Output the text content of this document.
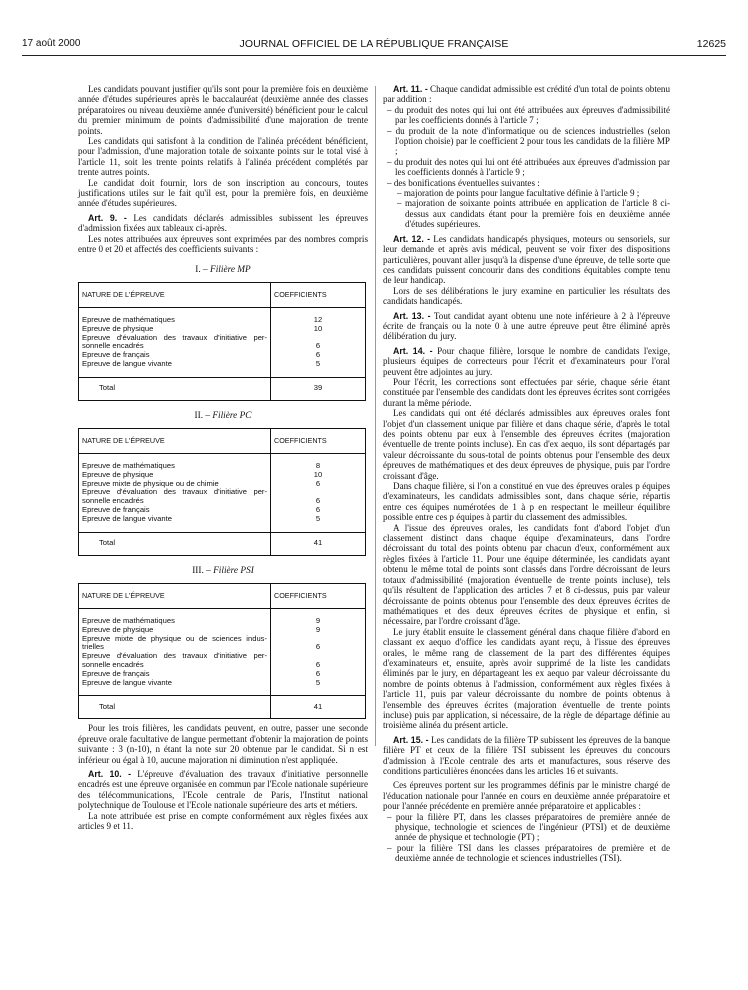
17 août 2000	JOURNAL OFFICIEL DE LA RÉPUBLIQUE FRANÇAISE	12625

Les candidats pouvant justifier qu'ils sont pour la première fois en deuxième année d'études supérieures après le baccalauréat (deuxième année des classes préparatoires ou niveau deuxième année d'université) bénéficient pour le calcul du premier minimum de points d'admissibilité d'une majoration de trente points.

Les candidats qui satisfont à la condition de l'alinéa précédent bénéficient, pour l'admission, d'une majoration totale de soixante points sur le total visé à l'article 11, soit les trente points relatifs à l'alinéa précédent complétés par trente autres points.

Le candidat doit fournir, lors de son inscription au concours, toutes justifications utiles sur le fait qu'il est, pour la première fois, en deuxième année d'études supérieures.

Art. 9. - Les candidats déclarés admissibles subissent les épreuves d'admission fixées aux tableaux ci-après.

Les notes attribuées aux épreuves sont exprimées par des nombres compris entre 0 et 20 et affectés des coefficients suivants :

I. – Filière MP

NATURE DE L'ÉPREUVE	COEFFICIENTS

Epreuve de mathématiques	12
Epreuve de physique	10
Epreuve d'évaluation des travaux d'initiative per-sonnelle encadrés	6
Epreuve de français	6
Epreuve de langue vivante	5

Total	39

II. – Filière PC

NATURE DE L'ÉPREUVE	COEFFICIENTS

Epreuve de mathématiques	8
Epreuve de physique	10
Epreuve mixte de physique ou de chimie	6
Epreuve d'évaluation des travaux d'initiative per-sonnelle encadrés	6
Epreuve de français	6
Epreuve de langue vivante	5

Total	41

III. – Filière PSI

NATURE DE L'ÉPREUVE	COEFFICIENTS

Epreuve de mathématiques	9
Epreuve de physique	9
Epreuve mixte de physique ou de sciences indus-trielles	6
Epreuve d'évaluation des travaux d'initiative per-sonnelle encadrés	6
Epreuve de français	6
Epreuve de langue vivante	5

Total	41

Pour les trois filières, les candidats peuvent, en outre, passer une seconde épreuve orale facultative de langue permettant d'obtenir la majoration de points suivante : 3 (n-10), n étant la note sur 20 obtenue par le candidat. Si n est inférieur ou égal à 10, aucune majoration ni diminution n'est appliquée.

Art. 10. - L'épreuve d'évaluation des travaux d'initiative personnelle encadrés est une épreuve organisée en commun par l'Ecole nationale supérieure des télécommunications, l'Ecole centrale de Paris, l'Institut national polytechnique de Toulouse et l'Ecole nationale supérieure des arts et métiers.

La note attribuée est prise en compte conformément aux règles fixées aux articles 9 et 11.

Art. 11. - Chaque candidat admissible est crédité d'un total de points obtenu par addition :

– du produit des notes qui lui ont été attribuées aux épreuves d'admissibilité par les coefficients donnés à l'article 7 ;
– du produit de la note d'informatique ou de sciences industrielles (selon l'option choisie) par le coefficient 2 pour tous les candidats de la filière MP ;
– du produit des notes qui lui ont été attribuées aux épreuves d'admission par les coefficients donnés à l'article 9 ;
– des bonifications éventuelles suivantes :
– majoration de points pour langue facultative définie à l'article 9 ;
– majoration de soixante points attribuée en application de l'article 8 ci-dessus aux candidats étant pour la première fois en deuxième année d'études supérieures.

Art. 12. - Les candidats handicapés physiques, moteurs ou sensoriels, sur leur demande et après avis médical, peuvent se voir fixer des dispositions particulières, pouvant aller jusqu'à la dispense d'une épreuve, de telle sorte que ces candidats puissent concourir dans des conditions équitables compte tenu de leur handicap.

Lors de ses délibérations le jury examine en particulier les résultats des candidats handicapés.

Art. 13. - Tout candidat ayant obtenu une note inférieure à 2 à l'épreuve écrite de français ou la note 0 à une autre épreuve peut être éliminé après délibération du jury.

Art. 14. - Pour chaque filière, lorsque le nombre de candidats l'exige, plusieurs équipes de correcteurs pour l'écrit et d'examinateurs pour l'oral peuvent être adjointes au jury.

Pour l'écrit, les corrections sont effectuées par série, chaque série étant constituée par l'ensemble des candidats dont les épreuves écrites sont corrigées durant la même période.

Les candidats qui ont été déclarés admissibles aux épreuves orales font l'objet d'un classement unique par filière et dans chaque série, d'après le total des points obtenu par eux à l'ensemble des épreuves écrites (majoration éventuelle de trente points incluse). En cas d'ex aequo, ils sont départagés par valeur décroissante du sous-total de points obtenus pour l'ensemble des deux épreuves de mathématiques et des deux épreuves de physique, puis par l'ordre croissant d'âge.

Dans chaque filière, si l'on a constitué en vue des épreuves orales p équipes d'examinateurs, les candidats admissibles sont, dans chaque série, répartis entre ces équipes numérotées de 1 à p en respectant le meilleur équilibre possible entre ces p équipes à partir du classement des admissibles.

A l'issue des épreuves orales, les candidats font d'abord l'objet d'un classement distinct dans chaque équipe d'examinateurs, dans l'ordre décroissant du total des points obtenu par chacun d'eux, conformément aux règles fixées à l'article 11. Pour une équipe déterminée, les candidats ayant obtenu le même total de points sont classés dans l'ordre décroissant de leurs totaux d'admissibilité (majoration éventuelle de trente points incluse), tels qu'ils résultent de l'application des articles 7 et 8 ci-dessus, puis par valeur décroissante de points obtenus pour l'ensemble des deux épreuves écrites de mathématiques et des deux épreuves écrites de physique et enfin, si nécessaire, par l'ordre croissant d'âge.

Le jury établit ensuite le classement général dans chaque filière d'abord en classant ex aequo d'office les candidats ayant reçu, à l'issue des épreuves orales, le même rang de classement de la part des différentes équipes d'examinateurs et, ensuite, après avoir supprimé de la liste les candidats éliminés par le jury, en départageant les ex aequo par valeur décroissante du nombre de points obtenus à l'admission, conformément aux règles fixées à l'article 11, puis par valeur décroissante du nombre de points obtenus à l'ensemble des épreuves écrites (majoration éventuelle de trente points incluse) puis par application, si nécessaire, de la règle de départage définie au troisième alinéa du présent article.

Art. 15. - Les candidats de la filière TP subissent les épreuves de la banque filière PT et ceux de la filière TSI subissent les épreuves du concours d'admission à l'Ecole centrale des arts et manufactures, sous réserve des conditions particulières énoncées dans les articles 16 et suivants.

Ces épreuves portent sur les programmes définis par le ministre chargé de l'éducation nationale pour l'année en cours en deuxième année préparatoire et pour l'année précédente en première année préparatoire et applicables :

– pour la filière PT, dans les classes préparatoires de première année de physique, technologie et sciences de l'ingénieur (PTSI) et de deuxième année de physique et technologie (PT) ;
– pour la filière TSI dans les classes préparatoires de première et de deuxième année de technologie et sciences industrielles (TSI).
